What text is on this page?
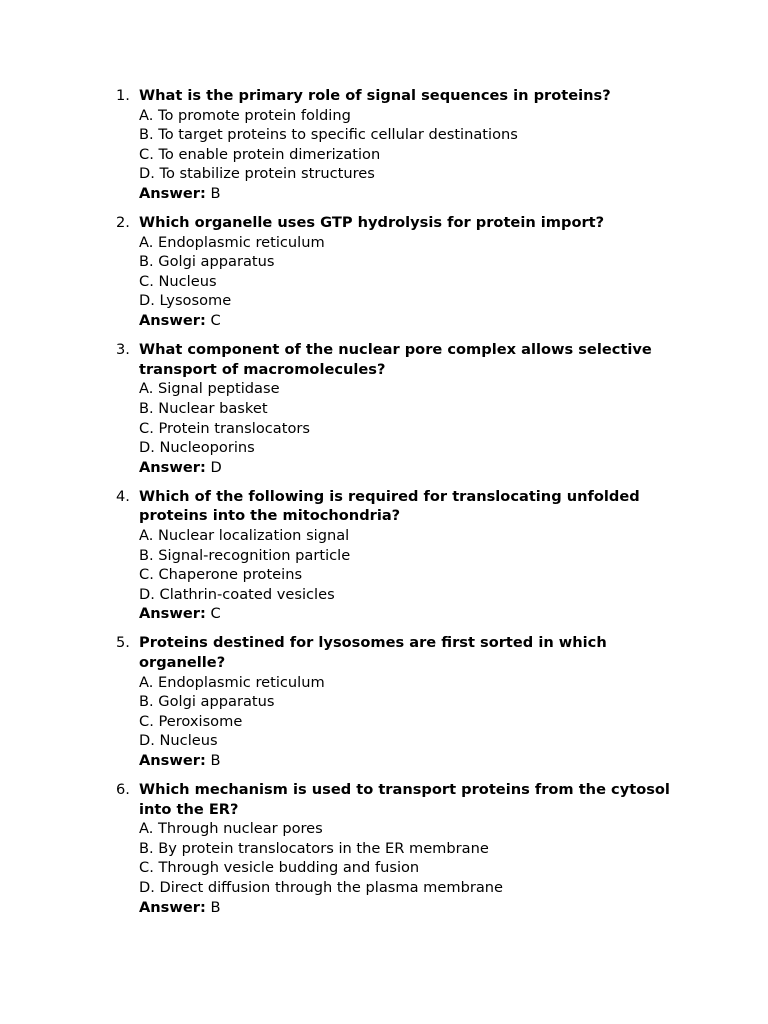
1. What is the primary role of signal sequences in proteins?
A. To promote protein folding
B. To target proteins to specific cellular destinations
C. To enable protein dimerization
D. To stabilize protein structures
Answer: B
2. Which organelle uses GTP hydrolysis for protein import?
A. Endoplasmic reticulum
B. Golgi apparatus
C. Nucleus
D. Lysosome
Answer: C
3. What component of the nuclear pore complex allows selective transport of macromolecules?
A. Signal peptidase
B. Nuclear basket
C. Protein translocators
D. Nucleoporins
Answer: D
4. Which of the following is required for translocating unfolded proteins into the mitochondria?
A. Nuclear localization signal
B. Signal-recognition particle
C. Chaperone proteins
D. Clathrin-coated vesicles
Answer: C
5. Proteins destined for lysosomes are first sorted in which organelle?
A. Endoplasmic reticulum
B. Golgi apparatus
C. Peroxisome
D. Nucleus
Answer: B
6. Which mechanism is used to transport proteins from the cytosol into the ER?
A. Through nuclear pores
B. By protein translocators in the ER membrane
C. Through vesicle budding and fusion
D. Direct diffusion through the plasma membrane
Answer: B
